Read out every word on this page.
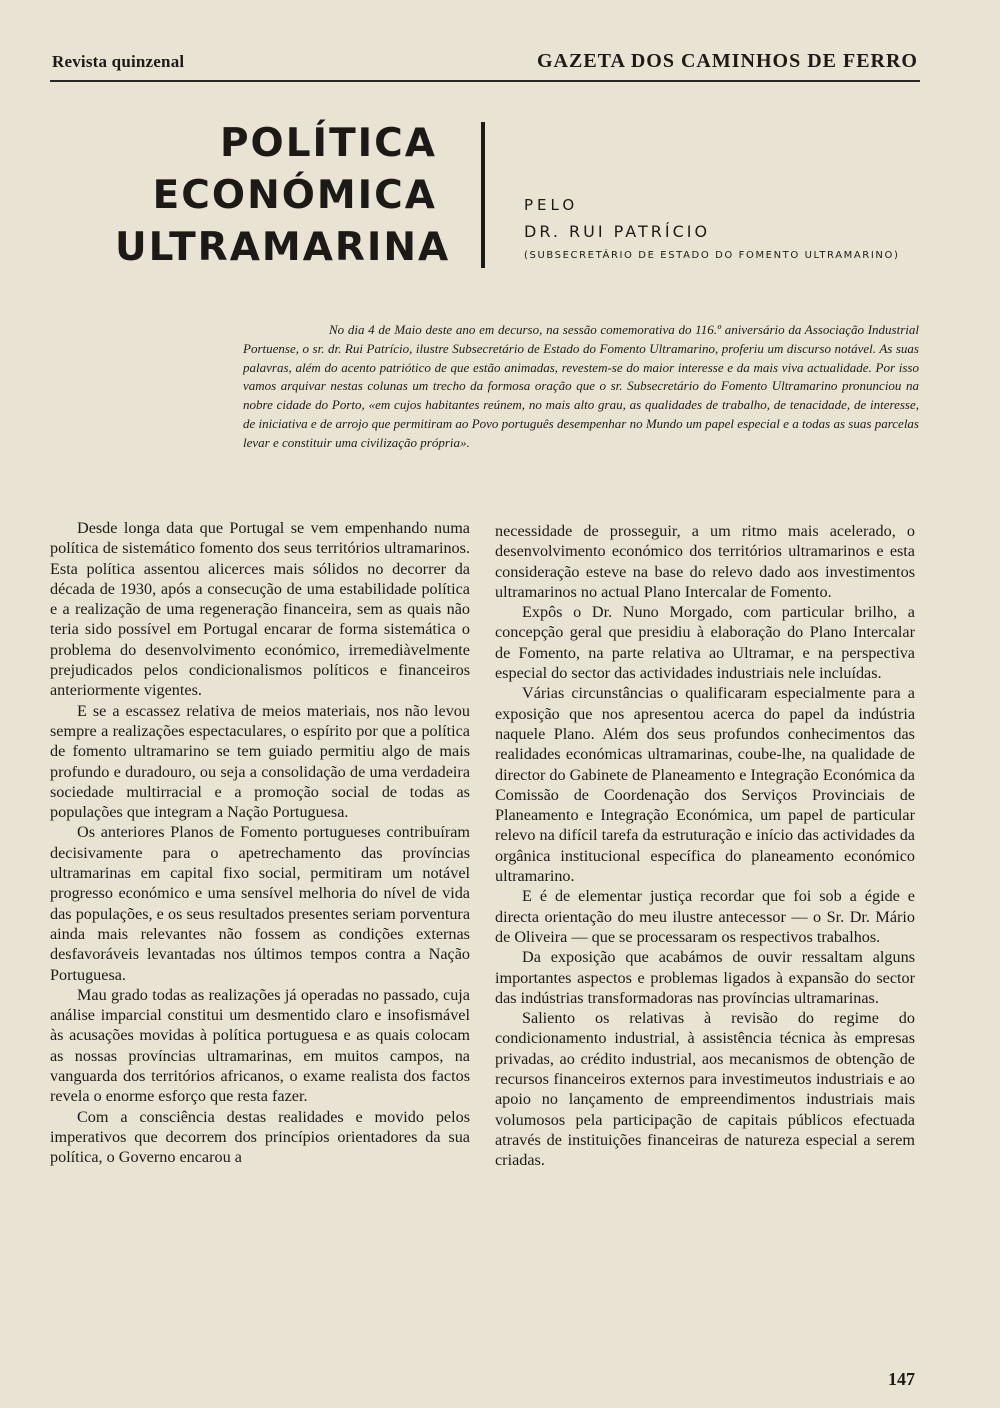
Revista quinzenal	GAZETA DOS CAMINHOS DE FERRO
POLÍTICA
ECONÓMICA
ULTRAMARINA
PELO
DR. RUI PATRÍCIO
(SUBSECRETÁRIO DE ESTADO DO FOMENTO ULTRAMARINO)
No dia 4 de Maio deste ano em decurso, na sessão comemorativa do 116.º aniversário da Associação Industrial Portuense, o sr. dr. Rui Patrício, ilustre Subsecretário de Estado do Fomento Ultramarino, proferiu um discurso notável. As suas palavras, além do acento patriótico de que estão animadas, revestem-se do maior interesse e da mais viva actualidade. Por isso vamos arquivar nestas colunas um trecho da formosa oração que o sr. Subsecretário do Fomento Ultramarino pronunciou na nobre cidade do Porto, «em cujos habitantes reúnem, no mais alto grau, as qualidades de trabalho, de tenacidade, de interesse, de iniciativa e de arrojo que permitiram ao Povo português desempenhar no Mundo um papel especial e a todas as suas parcelas levar e constituir uma civilização própria».

Desde longa data que Portugal se vem empenhando numa política de sistemático fomento dos seus territórios ultramarinos. Esta política assentou alicerces mais sólidos no decorrer da década de 1930, após a consecução de uma estabilidade política e a realização de uma regeneração financeira, sem as quais não teria sido possível em Portugal encarar de forma sistemática o problema do desenvolvimento económico, irremediàvelmente prejudicados pelos condicionalismos políticos e financeiros anteriormente vigentes.

E se a escassez relativa de meios materiais, nos não levou sempre a realizações espectaculares, o espírito por que a política de fomento ultramarino se tem guiado permitiu algo de mais profundo e duradouro, ou seja a consolidação de uma verdadeira sociedade multirracial e a promoção social de todas as populações que integram a Nação Portuguesa.

Os anteriores Planos de Fomento portugueses contribuíram decisivamente para o apetrechamento das províncias ultramarinas em capital fixo social, permitiram um notável progresso económico e uma sensível melhoria do nível de vida das populações, e os seus resultados presentes seriam porventura ainda mais relevantes não fossem as condições externas desfavoráveis levantadas nos últimos tempos contra a Nação Portuguesa.

Mau grado todas as realizações já operadas no passado, cuja análise imparcial constitui um desmentido claro e insofismável às acusações movidas à política portuguesa e as quais colocam as nossas províncias ultramarinas, em muitos campos, na vanguarda dos territórios africanos, o exame realista dos factos revela o enorme esforço que resta fazer.

Com a consciência destas realidades e movido pelos imperativos que decorrem dos princípios orientadores da sua política, o Governo encarou a

necessidade de prosseguir, a um ritmo mais acelerado, o desenvolvimento económico dos territórios ultramarinos e esta consideração esteve na base do relevo dado aos investimentos ultramarinos no actual Plano Intercalar de Fomento.

Expôs o Dr. Nuno Morgado, com particular brilho, a concepção geral que presidiu à elaboração do Plano Intercalar de Fomento, na parte relativa ao Ultramar, e na perspectiva especial do sector das actividades industriais nele incluídas.

Várias circunstâncias o qualificaram especialmente para a exposição que nos apresentou acerca do papel da indústria naquele Plano. Além dos seus profundos conhecimentos das realidades económicas ultramarinas, coube-lhe, na qualidade de director do Gabinete de Planeamento e Integração Económica da Comissão de Coordenação dos Serviços Provinciais de Planeamento e Integração Económica, um papel de particular relevo na difícil tarefa da estruturação e início das actividades da orgânica institucional específica do planeamento económico ultramarino.

E é de elementar justiça recordar que foi sob a égide e directa orientação do meu ilustre antecessor — o Sr. Dr. Mário de Oliveira — que se processaram os respectivos trabalhos.

Da exposição que acabámos de ouvir ressaltam alguns importantes aspectos e problemas ligados à expansão do sector das indústrias transformadoras nas províncias ultramarinas.

Saliento os relativas à revisão do regime do condicionamento industrial, à assistência técnica às empresas privadas, ao crédito industrial, aos mecanismos de obtenção de recursos financeiros externos para investimeutos industriais e ao apoio no lançamento de empreendimentos industriais mais volumosos pela participação de capitais públicos efectuada através de instituições financeiras de natureza especial a serem criadas.

147
